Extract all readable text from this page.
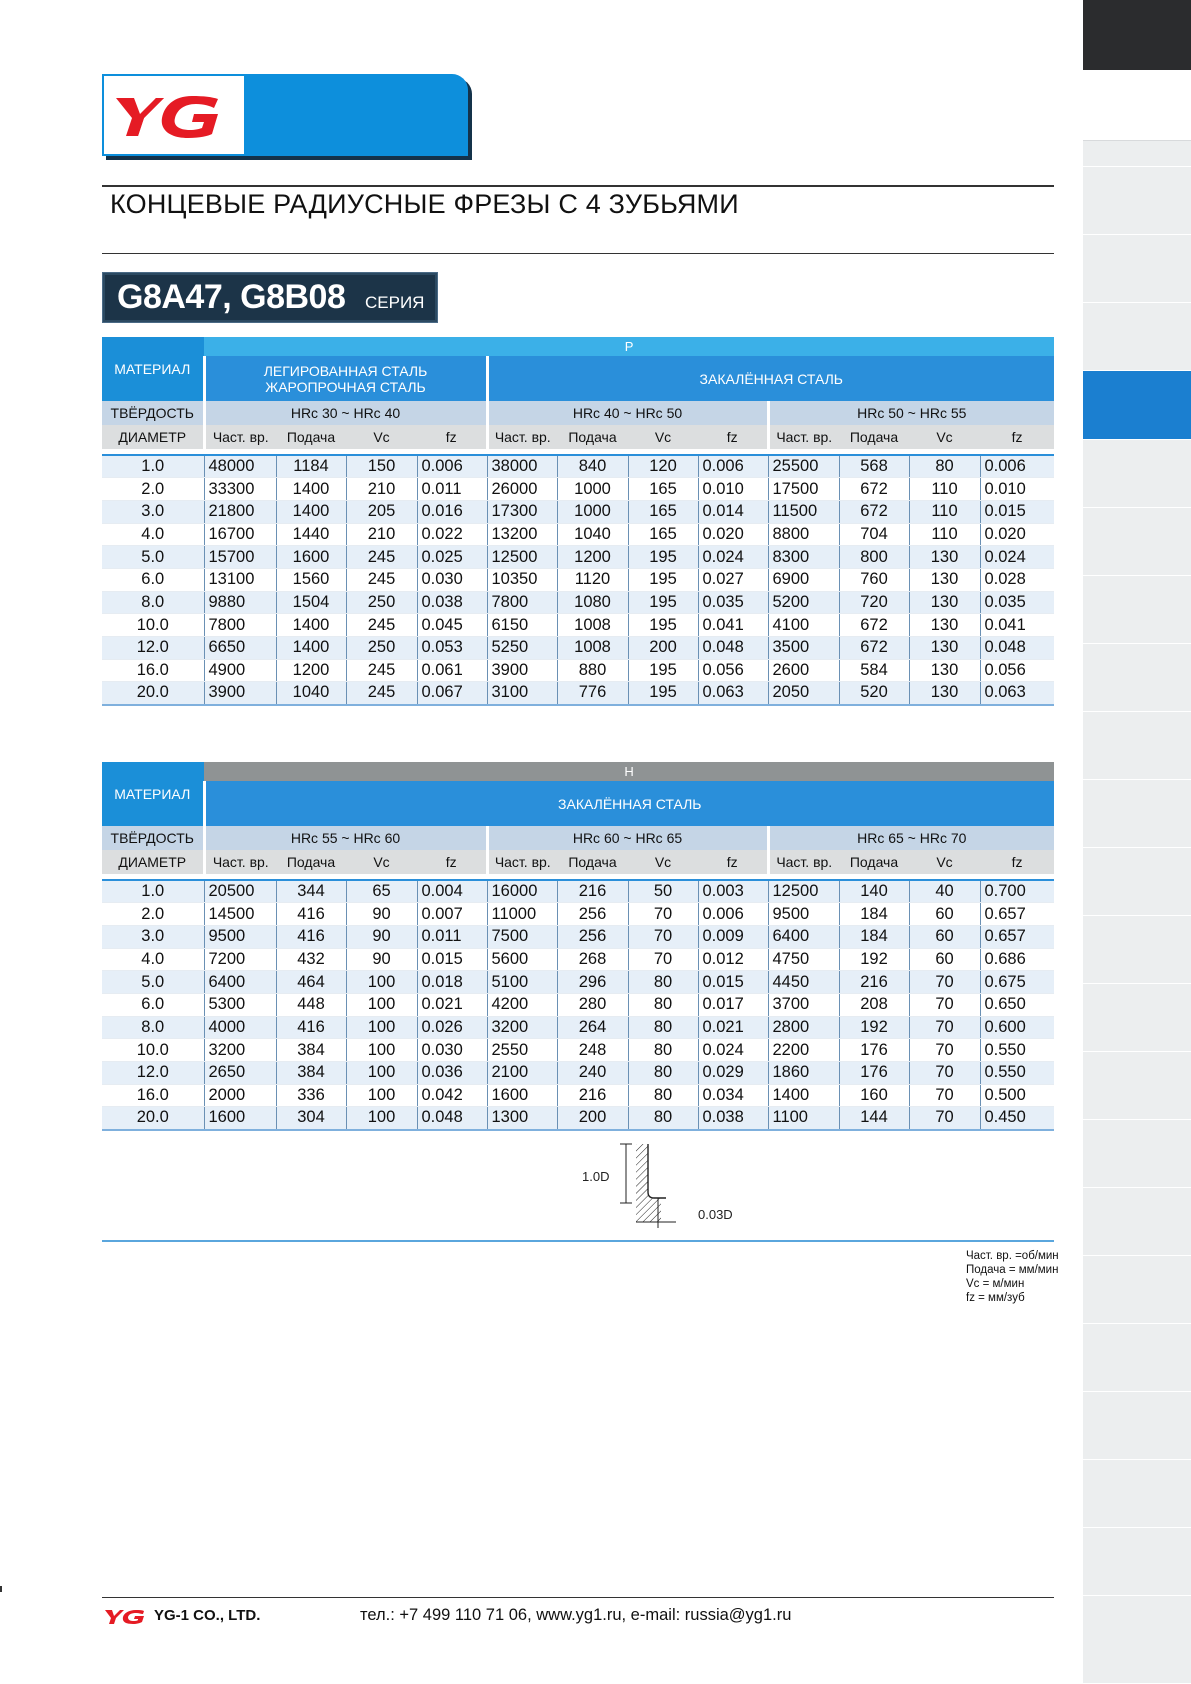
YG
КОНЦЕВЫЕ РАДИУСНЫЕ ФРЕЗЫ С 4 ЗУБЬЯМИ
G8A47, G8B08 СЕРИЯ
МАТЕРИАЛ	P											
	ЛЕГИРОВАННАЯ СТАЛЬ
ЖАРОПРОЧНАЯ СТАЛЬ				ЗАКАЛЁННАЯ СТАЛЬ							
ТВЁРДОСТЬ	HRc 30 ~ HRc 40				HRc 40 ~ HRc 50				HRc 50 ~ HRc 55			
ДИАМЕТР	Част. вр.	Подача	Vc	fz	Част. вр.	Подача	Vc	fz	Част. вр.	Подача	Vc	fz

1.0	48000	1184	150	0.006	38000	840	120	0.006	25500	568	80	0.006
2.0	33300	1400	210	0.011	26000	1000	165	0.010	17500	672	110	0.010
3.0	21800	1400	205	0.016	17300	1000	165	0.014	11500	672	110	0.015
4.0	16700	1440	210	0.022	13200	1040	165	0.020	8800	704	110	0.020
5.0	15700	1600	245	0.025	12500	1200	195	0.024	8300	800	130	0.024
6.0	13100	1560	245	0.030	10350	1120	195	0.027	6900	760	130	0.028
8.0	9880	1504	250	0.038	7800	1080	195	0.035	5200	720	130	0.035
10.0	7800	1400	245	0.045	6150	1008	195	0.041	4100	672	130	0.041
12.0	6650	1400	250	0.053	5250	1008	200	0.048	3500	672	130	0.048
16.0	4900	1200	245	0.061	3900	880	195	0.056	2600	584	130	0.056
20.0	3900	1040	245	0.067	3100	776	195	0.063	2050	520	130	0.063
МАТЕРИАЛ	H											
	ЗАКАЛЁННАЯ СТАЛЬ											
ТВЁРДОСТЬ	HRc 55 ~ HRc 60				HRc 60 ~ HRc 65				HRc 65 ~ HRc 70			
ДИАМЕТР	Част. вр.	Подача	Vc	fz	Част. вр.	Подача	Vc	fz	Част. вр.	Подача	Vc	fz

1.0	20500	344	65	0.004	16000	216	50	0.003	12500	140	40	0.700
2.0	14500	416	90	0.007	11000	256	70	0.006	9500	184	60	0.657
3.0	9500	416	90	0.011	7500	256	70	0.009	6400	184	60	0.657
4.0	7200	432	90	0.015	5600	268	70	0.012	4750	192	60	0.686
5.0	6400	464	100	0.018	5100	296	80	0.015	4450	216	70	0.675
6.0	5300	448	100	0.021	4200	280	80	0.017	3700	208	70	0.650
8.0	4000	416	100	0.026	3200	264	80	0.021	2800	192	70	0.600
10.0	3200	384	100	0.030	2550	248	80	0.024	2200	176	70	0.550
12.0	2650	384	100	0.036	2100	240	80	0.029	1860	176	70	0.550
16.0	2000	336	100	0.042	1600	216	80	0.034	1400	160	70	0.500
20.0	1600	304	100	0.048	1300	200	80	0.038	1100	144	70	0.450
1.0D
0.03D
Част. вр. =об/мин
Подача = мм/мин
Vc = м/мин
fz = мм/зуб
YG	YG-1 CO., LTD.	тел.: +7 499 110 71 06, www.yg1.ru, e-mail: russia@yg1.ru
